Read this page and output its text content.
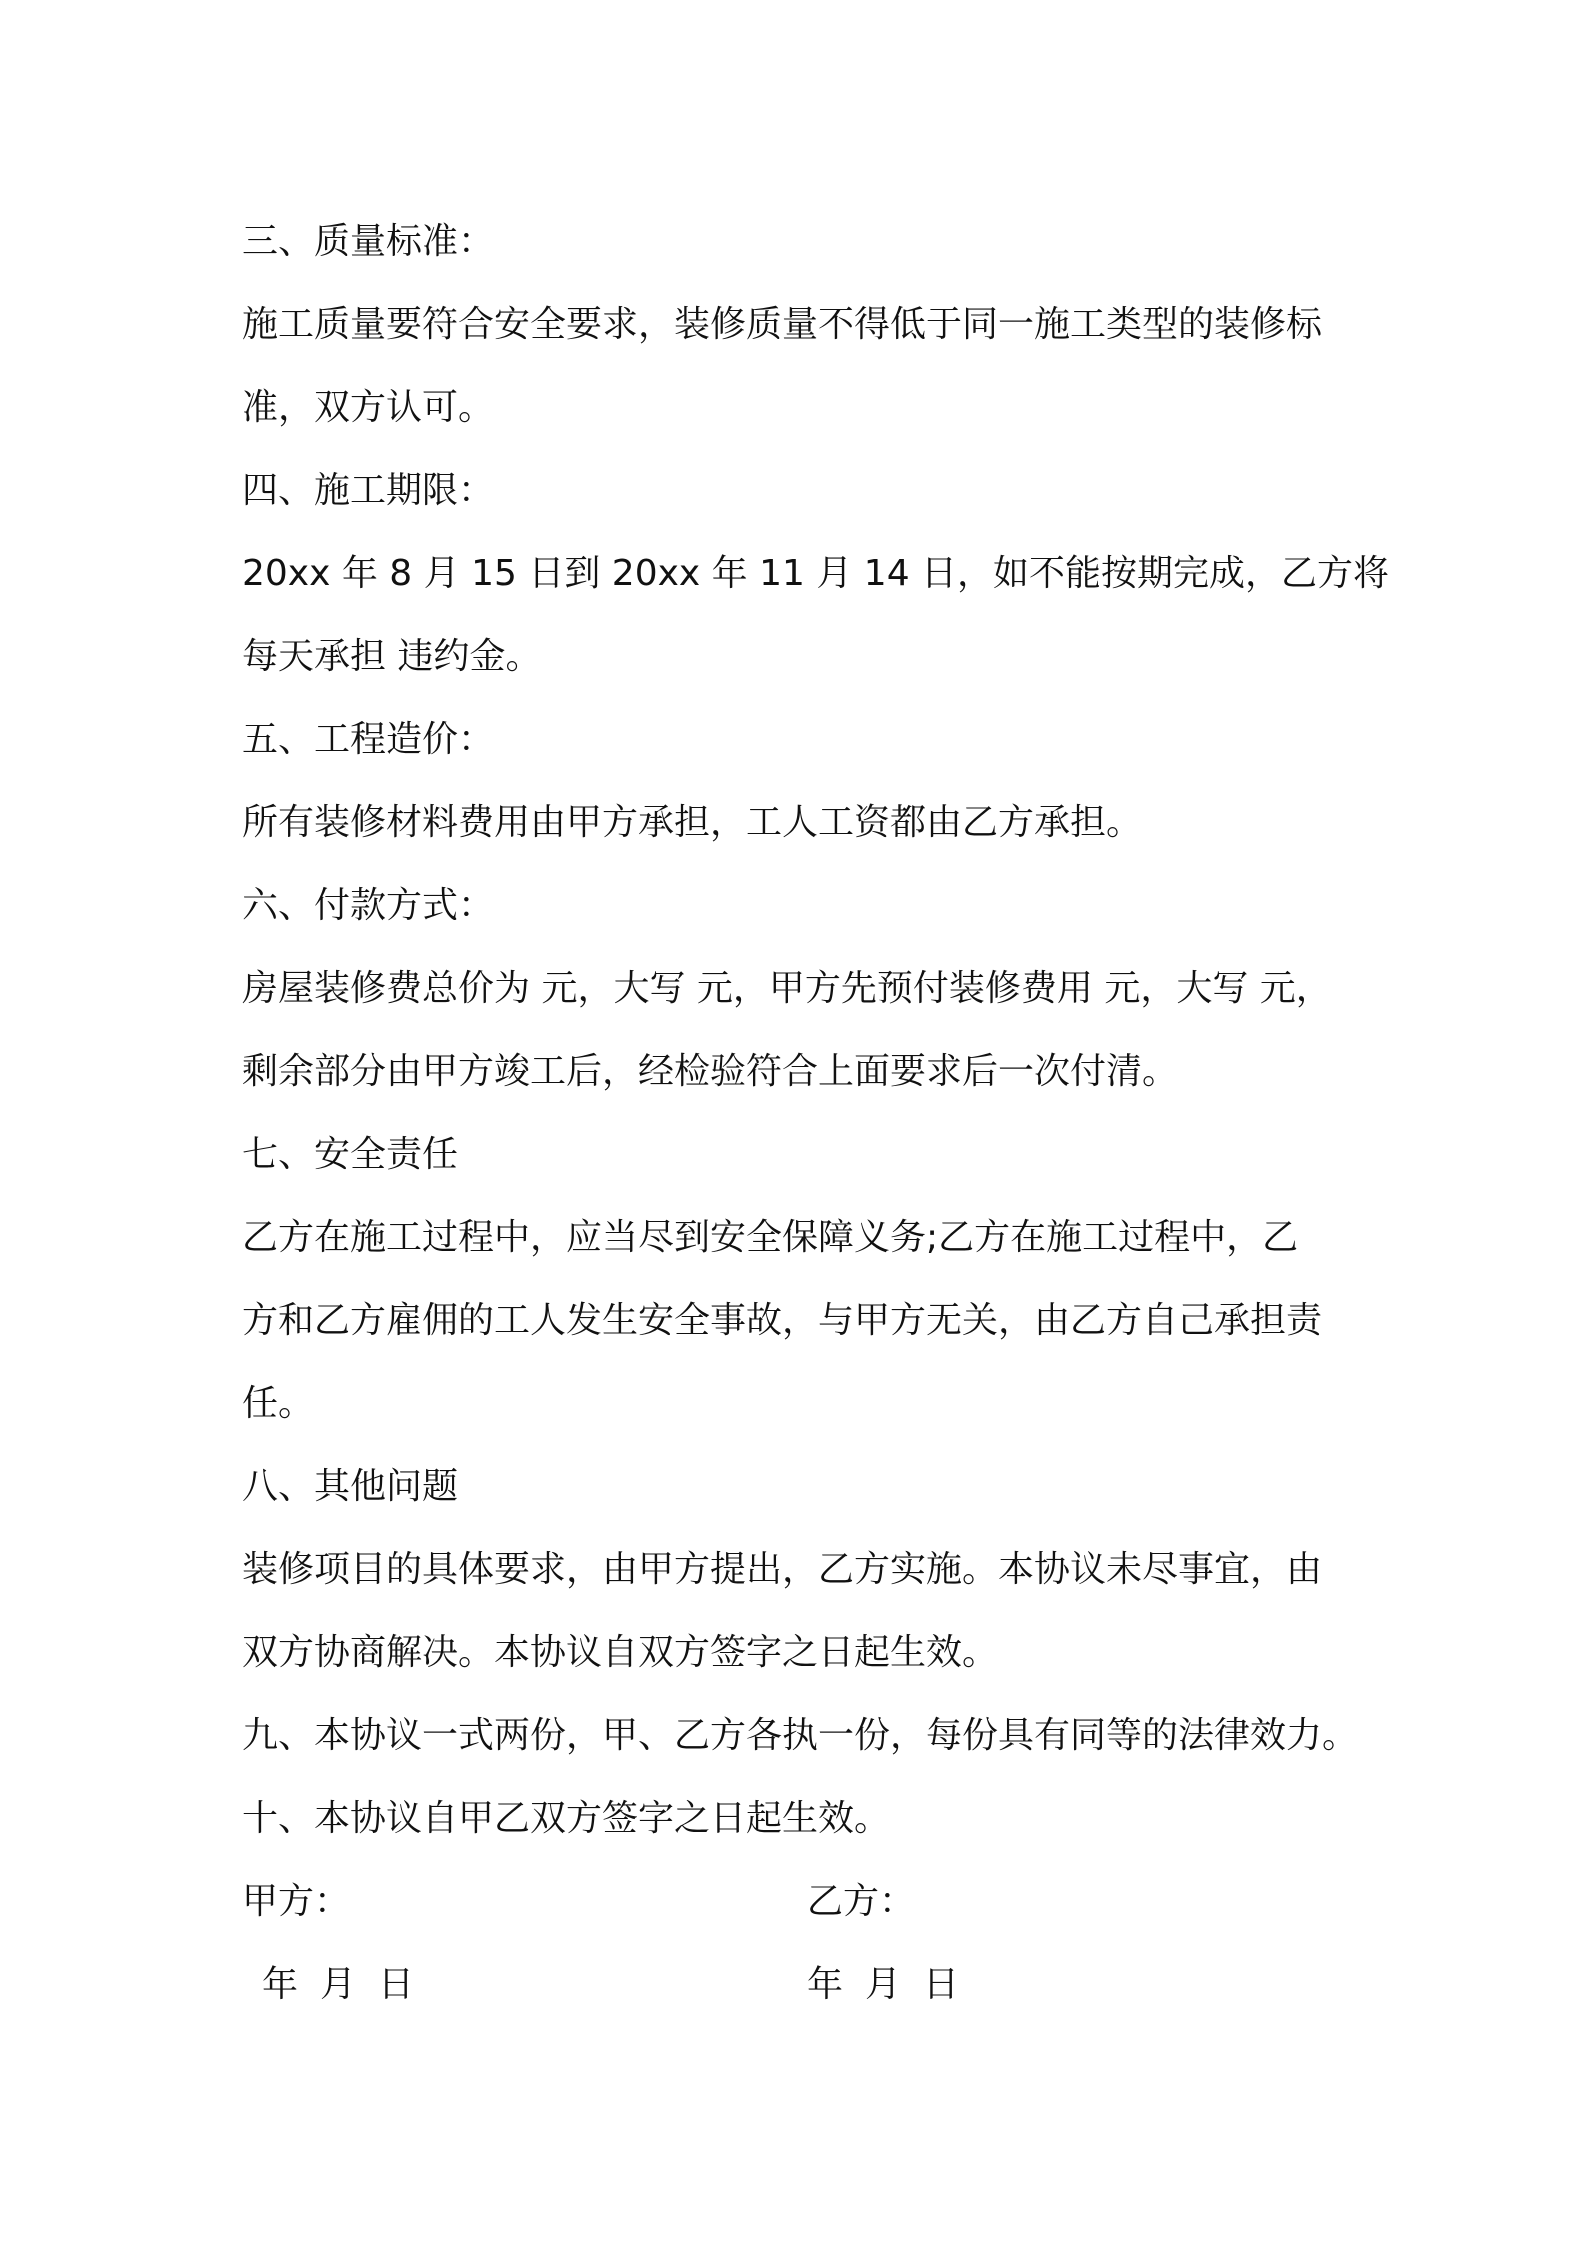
三、质量标准：
施工质量要符合安全要求，装修质量不得低于同一施工类型的装修标
准，双方认可。
四、施工期限：
20xx 年 8 月 15 日到 20xx 年 11 月 14 日，如不能按期完成，乙方将
每天承担 违约金。
五、工程造价：
所有装修材料费用由甲方承担，工人工资都由乙方承担。
六、付款方式：
房屋装修费总价为 元，大写 元，甲方先预付装修费用 元，大写 元，
剩余部分由甲方竣工后，经检验符合上面要求后一次付清。
七、安全责任
乙方在施工过程中，应当尽到安全保障义务;乙方在施工过程中，乙
方和乙方雇佣的工人发生安全事故，与甲方无关，由乙方自己承担责
任。
八、其他问题
装修项目的具体要求，由甲方提出，乙方实施。本协议未尽事宜，由
双方协商解决。本协议自双方签字之日起生效。
九、本协议一式两份，甲、乙方各执一份，每份具有同等的法律效力。
十、本协议自甲乙双方签字之日起生效。
甲方：	乙方：
年 月 日	年 月 日
